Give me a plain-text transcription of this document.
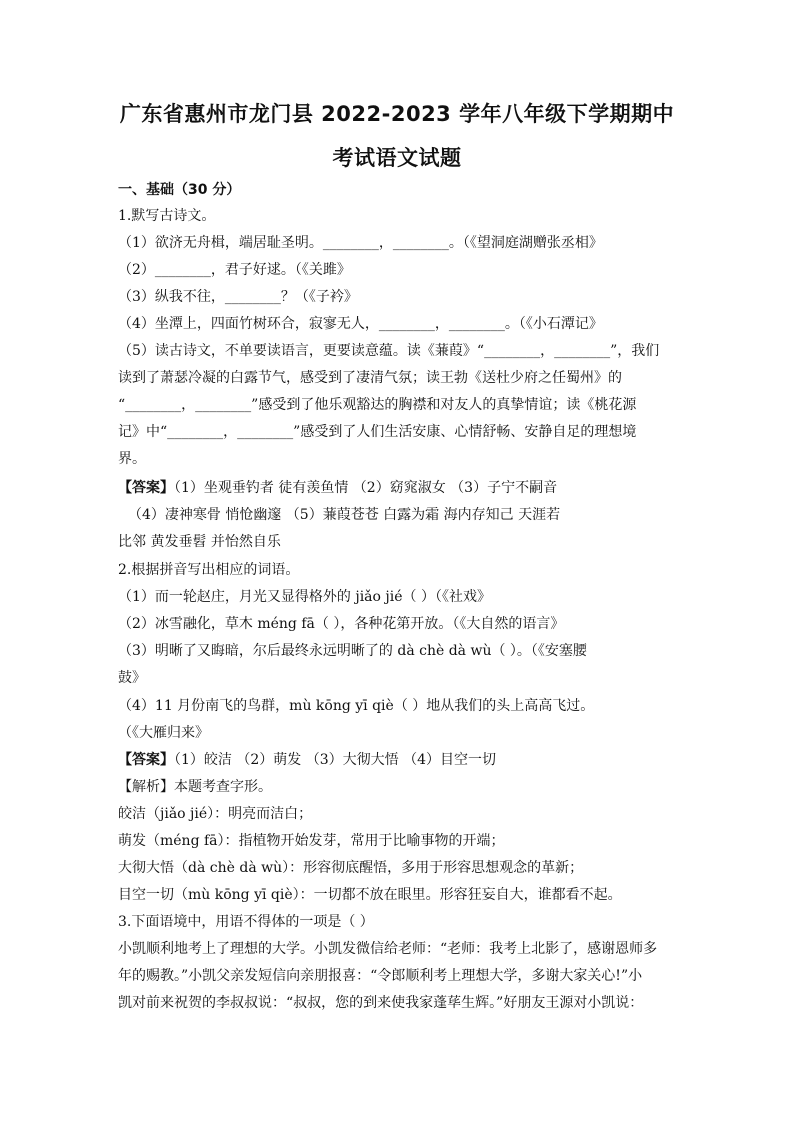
广东省惠州市龙门县 2022-2023 学年八年级下学期期中
考试语文试题
一、基础（30 分）
1.默写古诗文。
（1）欲济无舟楫，端居耻圣明。________，________。（《望洞庭湖赠张丞相》
（2）________，君子好逑。（《关雎》
（3）纵我不往，________？（《子衿》
（4）坐潭上，四面竹树环合，寂寥无人，________，________。（《小石潭记》
（5）读古诗文，不单要读语言，更要读意蕴。读《蒹葭》“________，________”，我们
读到了萧瑟冷凝的白露节气，感受到了凄清气氛；读王勃《送杜少府之任蜀州》的
“________，________”感受到了他乐观豁达的胸襟和对友人的真挚情谊；读《桃花源
记》中“________，________”感受到了人们生活安康、心情舒畅、安静自足的理想境
界。
【答案】（1）坐观垂钓者 徒有羡鱼情 （2）窈窕淑女 （3）子宁不嗣音
（4）凄神寒骨 悄怆幽邃 （5）蒹葭苍苍 白露为霜 海内存知己 天涯若
比邻 黄发垂髫 并怡然自乐
2.根据拼音写出相应的词语。
（1）而一轮赵庄，月光又显得格外的 jiǎo jié（ ）（《社戏》
（2）冰雪融化，草木 méng fā（ ），各种花第开放。（《大自然的语言》
（3）明晰了又晦暗，尔后最终永远明晰了的 dà chè dà wù（ ）。（《安塞腰
鼓》
（4）11 月份南飞的鸟群，mù kōng yī qiè（ ）地从我们的头上高高飞过。
（《大雁归来》
【答案】（1）皎洁 （2）萌发 （3）大彻大悟 （4）目空一切
【解析】本题考查字形。
皎洁（jiǎo jié）：明亮而洁白；
萌发（méng fā）：指植物开始发芽，常用于比喻事物的开端；
大彻大悟（dà chè dà wù）：形容彻底醒悟，多用于形容思想观念的革新；
目空一切（mù kōng yī qiè）：一切都不放在眼里。形容狂妄自大，谁都看不起。
3.下面语境中，用语不得体的一项是（ ）
小凯顺利地考上了理想的大学。小凯发微信给老师：“老师：我考上北影了，感谢恩师多
年的赐教。”小凯父亲发短信向亲朋报喜：“令郎顺利考上理想大学，多谢大家关心!”小
凯对前来祝贺的李叔叔说：“叔叔，您的到来使我家蓬荜生辉。”好朋友王源对小凯说：
